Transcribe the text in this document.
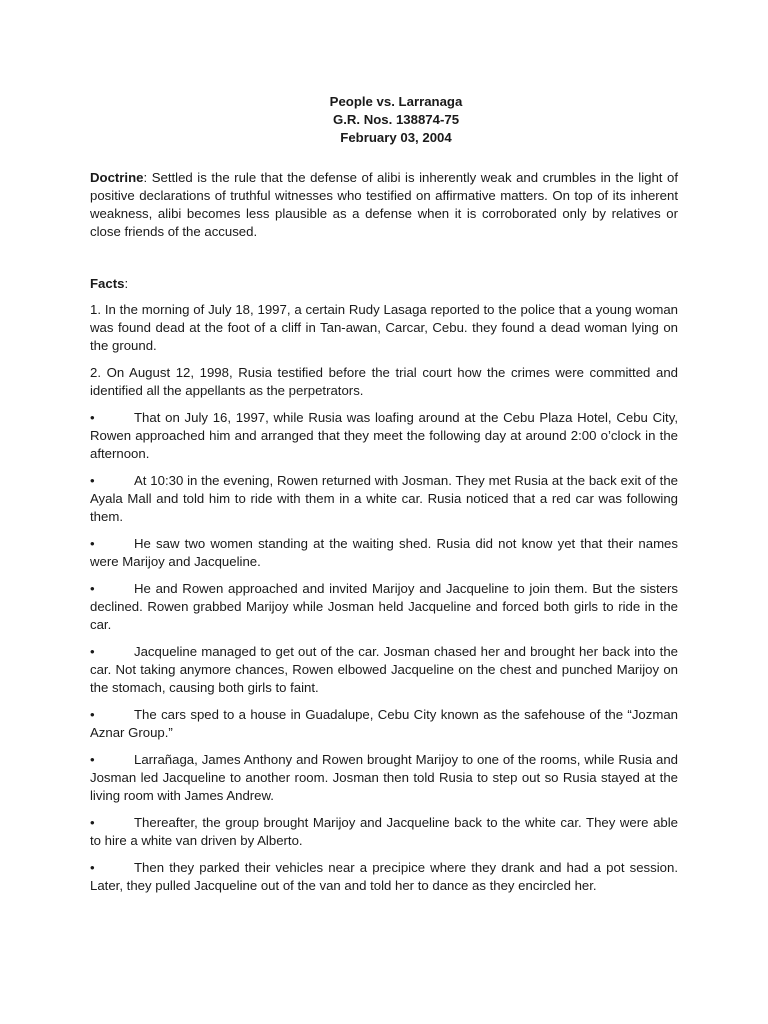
People vs. Larranaga
G.R. Nos. 138874-75
February 03, 2004
Doctrine: Settled is the rule that the defense of alibi is inherently weak and crumbles in the light of positive declarations of truthful witnesses who testified on affirmative matters. On top of its inherent weakness, alibi becomes less plausible as a defense when it is corroborated only by relatives or close friends of the accused.
Facts:
1. In the morning of July 18, 1997, a certain Rudy Lasaga reported to the police that a young woman was found dead at the foot of a cliff in Tan-awan, Carcar, Cebu. they found a dead woman lying on the ground.
2. On August 12, 1998, Rusia testified before the trial court how the crimes were committed and identified all the appellants as the perpetrators.
•	That on July 16, 1997, while Rusia was loafing around at the Cebu Plaza Hotel, Cebu City, Rowen approached him and arranged that they meet the following day at around 2:00 o’clock in the afternoon.
•	At 10:30 in the evening, Rowen returned with Josman. They met Rusia at the back exit of the Ayala Mall and told him to ride with them in a white car. Rusia noticed that a red car was following them.
•	He saw two women standing at the waiting shed. Rusia did not know yet that their names were Marijoy and Jacqueline.
•	He and Rowen approached and invited Marijoy and Jacqueline to join them. But the sisters declined. Rowen grabbed Marijoy while Josman held Jacqueline and forced both girls to ride in the car.
•	Jacqueline managed to get out of the car. Josman chased her and brought her back into the car. Not taking anymore chances, Rowen elbowed Jacqueline on the chest and punched Marijoy on the stomach, causing both girls to faint.
•	The cars sped to a house in Guadalupe, Cebu City known as the safehouse of the “Jozman Aznar Group.”
•	Larrañaga, James Anthony and Rowen brought Marijoy to one of the rooms, while Rusia and Josman led Jacqueline to another room. Josman then told Rusia to step out so Rusia stayed at the living room with James Andrew.
•	Thereafter, the group brought Marijoy and Jacqueline back to the white car. They were able to hire a white van driven by Alberto.
•	Then they parked their vehicles near a precipice where they drank and had a pot session. Later, they pulled Jacqueline out of the van and told her to dance as they encircled her.
